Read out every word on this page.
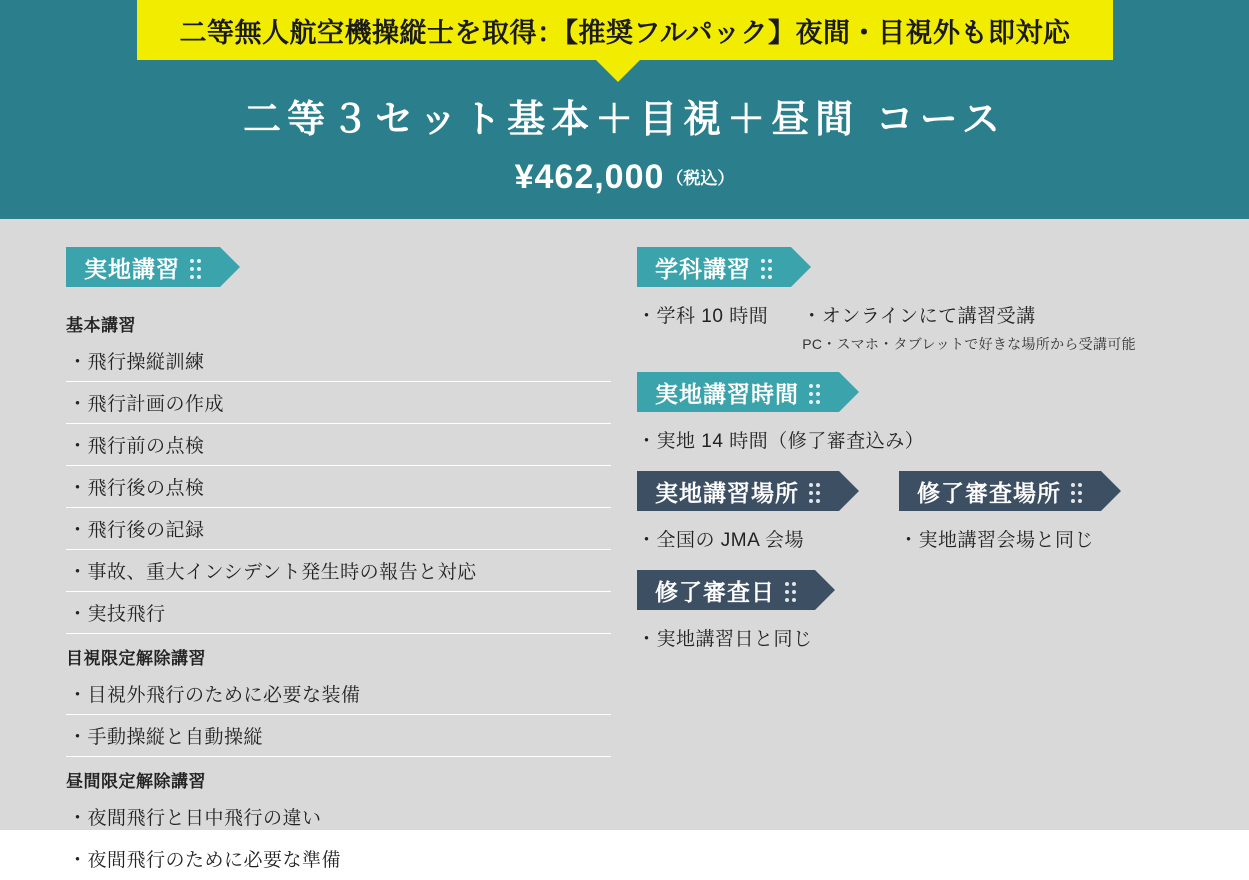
二等無人航空機操縦士を取得：【推奨フルパック】夜間・目視外も即対応
二等３セット基本＋目視＋昼間 コース
¥462,000 （税込）
実地講習
基本講習
・飛行操縦訓練
・飛行計画の作成
・飛行前の点検
・飛行後の点検
・飛行後の記録
・事故、重大インシデント発生時の報告と対応
・実技飛行
目視限定解除講習
・目視外飛行のために必要な装備
・手動操縦と自動操縦
昼間限定解除講習
・夜間飛行と日中飛行の違い
・夜間飛行のために必要な準備
学科講習
・学科 10 時間 ・オンラインにて講習受講
PC・スマホ・タブレットで好きな場所から受講可能
実地講習時間
・実地 14 時間（修了審査込み）
実地講習場所
・全国の JMA 会場
修了審査場所
・実地講習会場と同じ
修了審査日
・実地講習日と同じ
